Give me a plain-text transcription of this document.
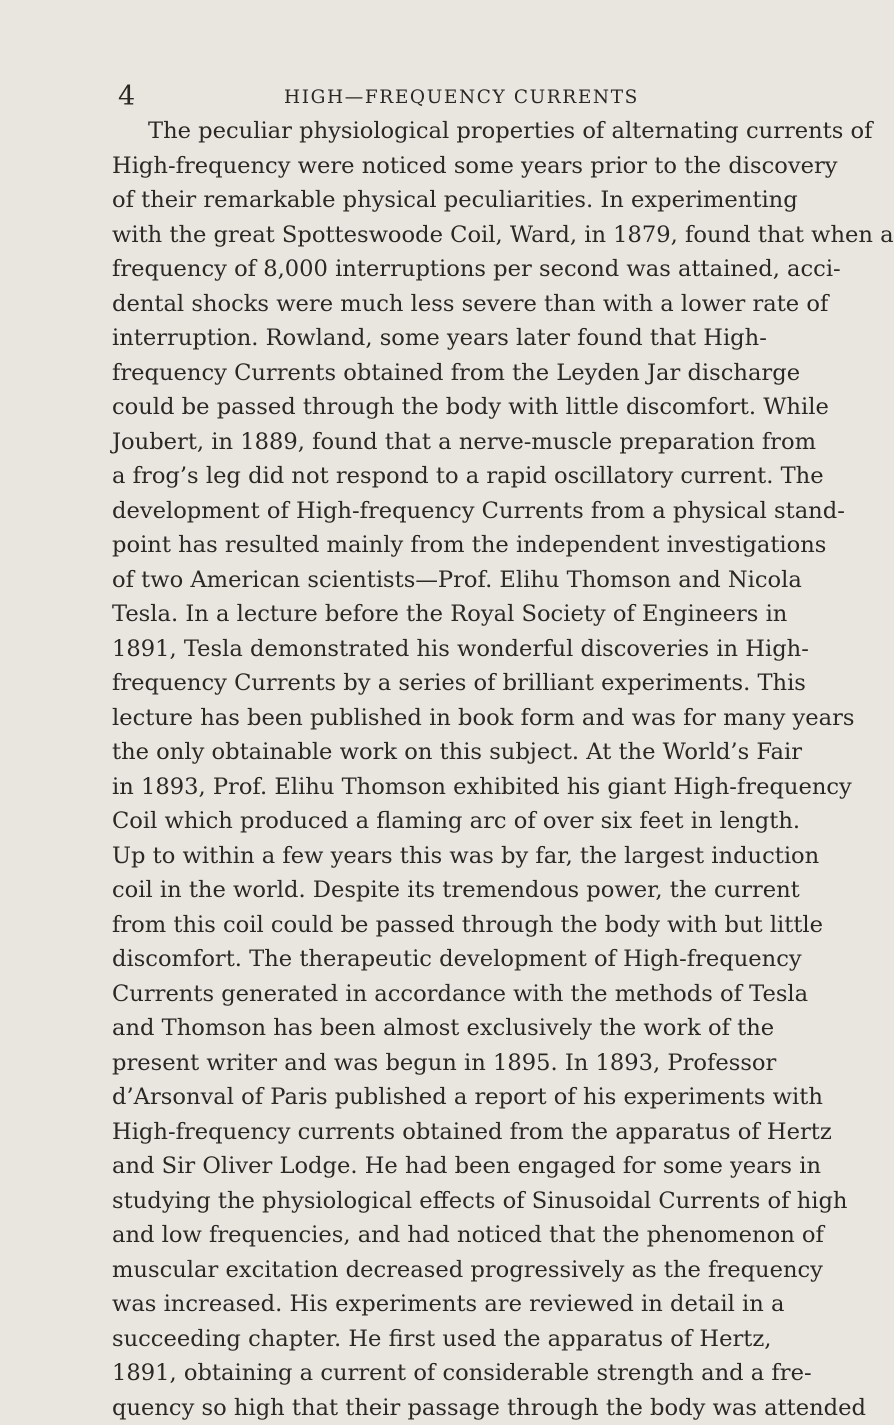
4	HIGH—FREQUENCY CURRENTS
The peculiar physiological properties of alternating currents of
High-frequency were noticed some years prior to the discovery
of their remarkable physical peculiarities. In experimenting
with the great Spotteswoode Coil, Ward, in 1879, found that when a
frequency of 8,000 interruptions per second was attained, acci-
dental shocks were much less severe than with a lower rate of
interruption. Rowland, some years later found that High-
frequency Currents obtained from the Leyden Jar discharge
could be passed through the body with little discomfort. While
Joubert, in 1889, found that a nerve-muscle preparation from
a frog’s leg did not respond to a rapid oscillatory current. The
development of High-frequency Currents from a physical stand-
point has resulted mainly from the independent investigations
of two American scientists—Prof. Elihu Thomson and Nicola
Tesla. In a lecture before the Royal Society of Engineers in
1891, Tesla demonstrated his wonderful discoveries in High-
frequency Currents by a series of brilliant experiments. This
lecture has been published in book form and was for many years
the only obtainable work on this subject. At the World’s Fair
in 1893, Prof. Elihu Thomson exhibited his giant High-frequency
Coil which produced a flaming arc of over six feet in length.
Up to within a few years this was by far, the largest induction
coil in the world. Despite its tremendous power, the current
from this coil could be passed through the body with but little
discomfort. The therapeutic development of High-frequency
Currents generated in accordance with the methods of Tesla
and Thomson has been almost exclusively the work of the
present writer and was begun in 1895. In 1893, Professor
d’Arsonval of Paris published a report of his experiments with
High-frequency currents obtained from the apparatus of Hertz
and Sir Oliver Lodge. He had been engaged for some years in
studying the physiological effects of Sinusoidal Currents of high
and low frequencies, and had noticed that the phenomenon of
muscular excitation decreased progressively as the frequency
was increased. His experiments are reviewed in detail in a
succeeding chapter. He first used the apparatus of Hertz,
1891, obtaining a current of considerable strength and a fre-
quency so high that their passage through the body was attended
